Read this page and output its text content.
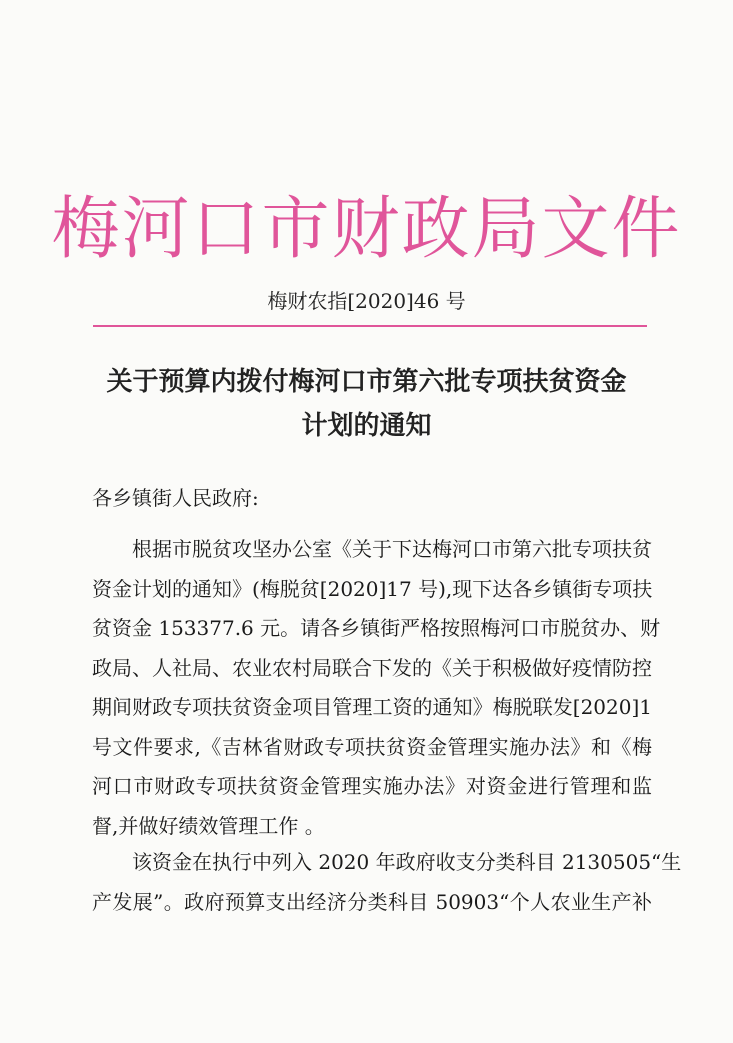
梅河口市财政局文件
梅财农指[2020]46 号
关于预算内拨付梅河口市第六批专项扶贫资金
计划的通知
各乡镇街人民政府:
根据市脱贫攻坚办公室《关于下达梅河口市第六批专项扶贫
资金计划的通知》(梅脱贫[2020]17 号),现下达各乡镇街专项扶
贫资金 153377.6 元。请各乡镇街严格按照梅河口市脱贫办、财
政局、人社局、农业农村局联合下发的《关于积极做好疫情防控
期间财政专项扶贫资金项目管理工资的通知》梅脱联发[2020]1
号文件要求,《吉林省财政专项扶贫资金管理实施办法》和《梅
河口市财政专项扶贫资金管理实施办法》对资金进行管理和监
督,并做好绩效管理工作 。
该资金在执行中列入 2020 年政府收支分类科目 2130505“生
产发展”。政府预算支出经济分类科目 50903“个人农业生产补
